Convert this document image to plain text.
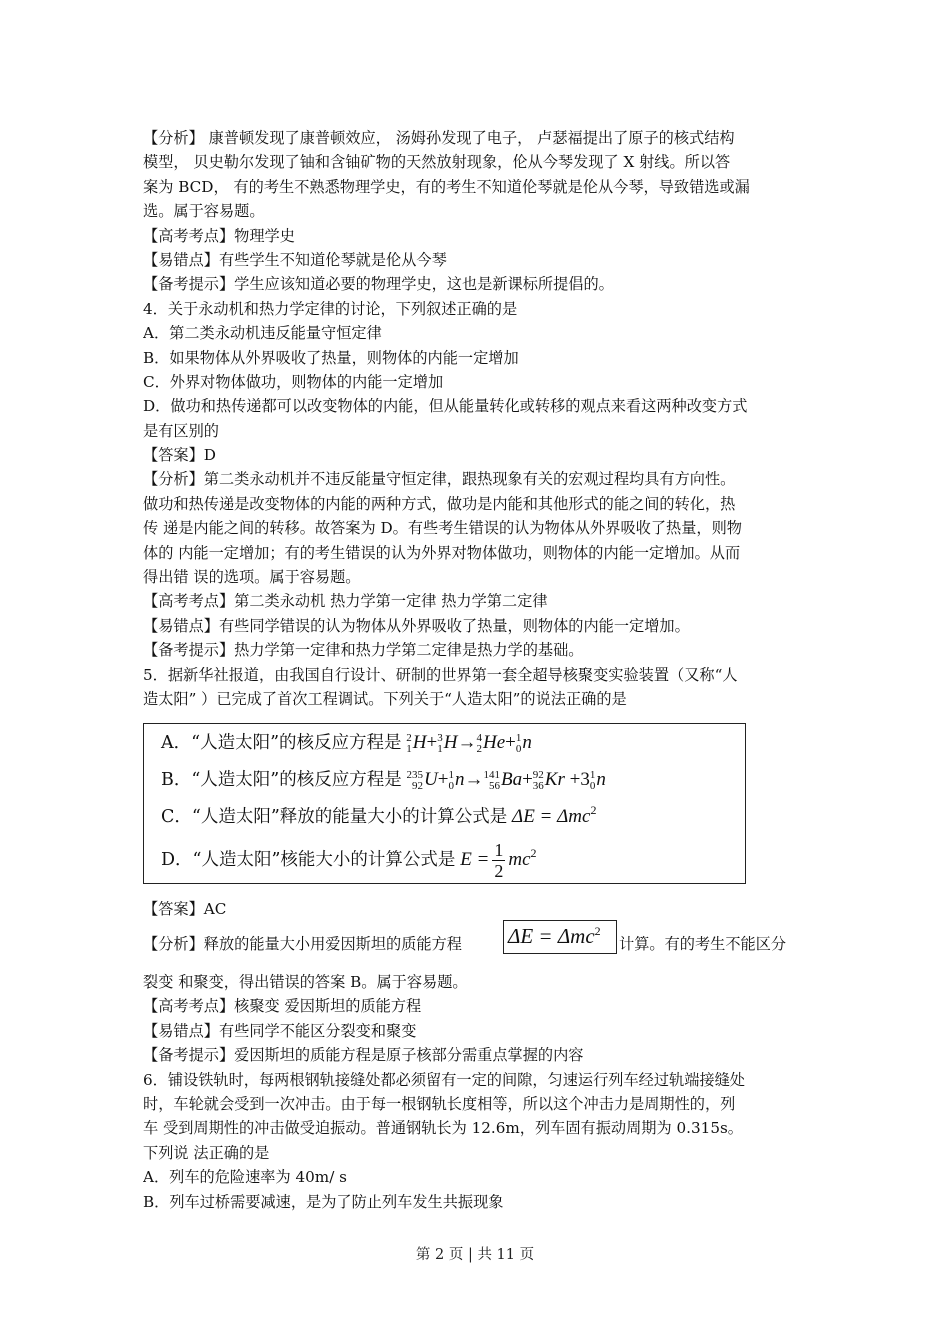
【分析】 康普顿发现了康普顿效应， 汤姆孙发现了电子， 卢瑟福提出了原子的核式结构
模型， 贝史勒尔发现了铀和含铀矿物的天然放射现象，伦从今琴发现了 X 射线。所以答
案为 BCD， 有的考生不熟悉物理学史，有的考生不知道伦琴就是伦从今琴，导致错选或漏
选。属于容易题。
【高考考点】物理学史
【易错点】有些学生不知道伦琴就是伦从今琴
【备考提示】学生应该知道必要的物理学史，这也是新课标所提倡的。
4．关于永动机和热力学定律的讨论，下列叙述正确的是
A．第二类永动机违反能量守恒定律
B．如果物体从外界吸收了热量，则物体的内能一定增加
C．外界对物体做功，则物体的内能一定增加
D．做功和热传递都可以改变物体的内能，但从能量转化或转移的观点来看这两种改变方式
是有区别的
【答案】D
【分析】第二类永动机并不违反能量守恒定律，跟热现象有关的宏观过程均具有方向性。
做功和热传递是改变物体的内能的两种方式，做功是内能和其他形式的能之间的转化，热
传 递是内能之间的转移。故答案为 D。有些考生错误的认为物体从外界吸收了热量，则物
体的 内能一定增加；有的考生错误的认为外界对物体做功，则物体的内能一定增加。从而
得出错 误的选项。属于容易题。
【高考考点】第二类永动机 热力学第一定律 热力学第二定律
【易错点】有些同学错误的认为物体从外界吸收了热量，则物体的内能一定增加。
【备考提示】热力学第一定律和热力学第二定律是热力学的基础。
5．据新华社报道，由我国自行设计、研制的世界第一套全超导核聚变实验装置（又称“人
造太阳” ）已完成了首次工程调试。下列关于“人造太阳”的说法正确的是
A．“人造太阳”的核反应方程是 2
1 H+ 3
1 H→ 4
2 He+ 1
0 n
B．“人造太阳”的核反应方程是 235
92 U+ 1
0 n→ 141
56 Ba+ 92
36 Kr +3 1
0 n
C．“人造太阳”释放的能量大小的计算公式是 ΔE = Δmc$^2$
D．“人造太阳”核能大小的计算公式是 $E = \frac{1}{2} mc^2$
【答案】AC
【分析】释放的能量大小用爱因斯坦的质能方程 ΔE = Δmc$^2$
计算。有的考生不能区分
裂变 和聚变，得出错误的答案 B。属于容易题。
【高考考点】核聚变 爱因斯坦的质能方程
【易错点】有些同学不能区分裂变和聚变
【备考提示】爱因斯坦的质能方程是原子核部分需重点掌握的内容
6．铺设铁轨时，每两根钢轨接缝处都必须留有一定的间隙，匀速运行列车经过轨端接缝处
时，车轮就会受到一次冲击。由于每一根钢轨长度相等，所以这个冲击力是周期性的，列
车 受到周期性的冲击做受迫振动。普通钢轨长为 12.6m，列车固有振动周期为 0.315s。
下列说 法正确的是
A．列车的危险速率为 40m/ s
B．列车过桥需要减速，是为了防止列车发生共振现象
第 2 页 | 共 11 页
